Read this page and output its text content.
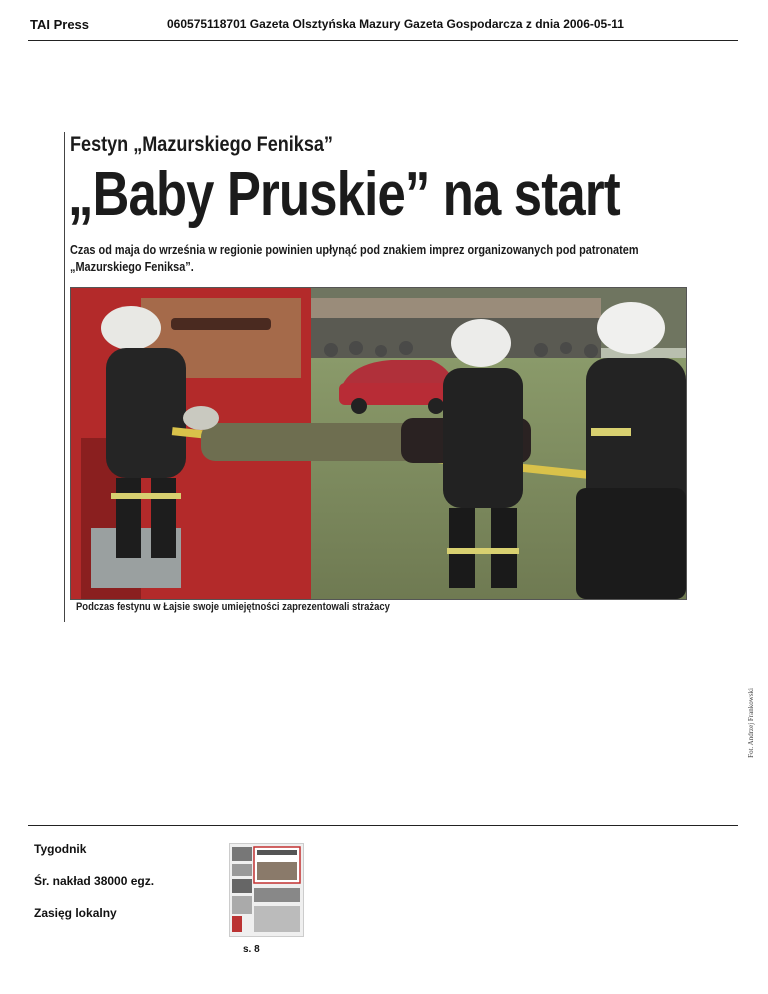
TAI Press	060575118701 Gazeta Olsztyńska Mazury Gazeta Gospodarcza z dnia 2006-05-11
Festyn „Mazurskiego Feniksa”
„Baby Pruskie” na start
Czas od maja do września w regionie powinien upłynąć pod znakiem imprez organizowanych pod patronatem „Mazurskiego Feniksa”.
Fot. Andrzej Frankowski
Podczas festynu w Łajsie swoje umiejętności zaprezentowali strażacy
Tygodnik
Śr. nakład 38000 egz.
Zasięg lokalny
s. 8
